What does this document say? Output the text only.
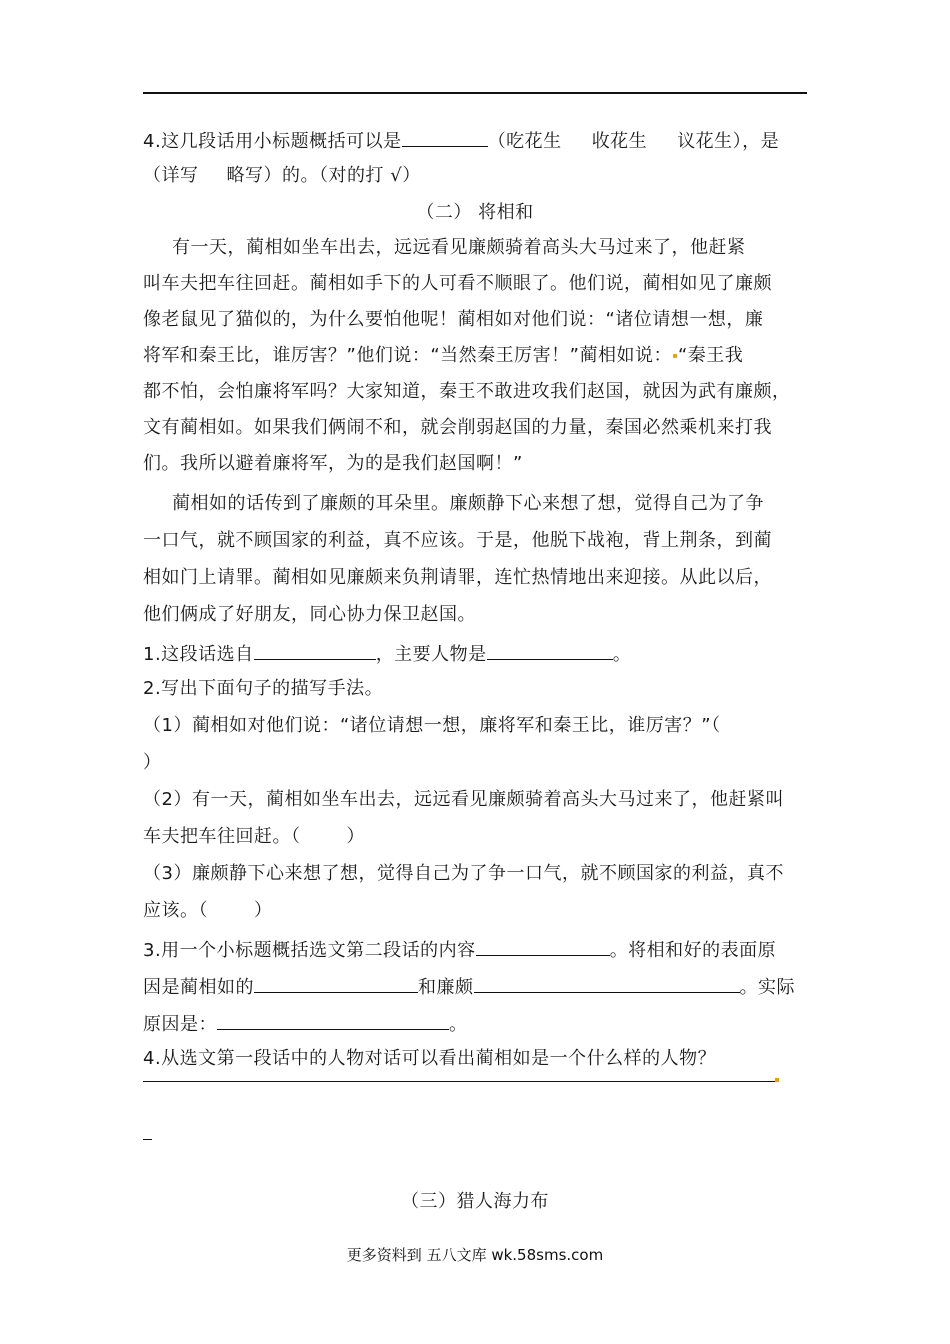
4.这几段话用小标题概括可以是	（吃花生 收花生 议花生），是
（详写 略写）的。（对的打 √）
（二） 将相和
有一天，蔺相如坐车出去，远远看见廉颇骑着高头大马过来了，他赶紧
叫车夫把车往回赶。蔺相如手下的人可看不顺眼了。他们说，蔺相如见了廉颇
像老鼠见了猫似的，为什么要怕他呢！蔺相如对他们说：“诸位请想一想，廉
将军和秦王比，谁厉害？”他们说：“当然秦王厉害！”蔺相如说： “秦王我
都不怕，会怕廉将军吗？大家知道，秦王不敢进攻我们赵国，就因为武有廉颇，
文有蔺相如。如果我们俩闹不和，就会削弱赵国的力量，秦国必然乘机来打我
们。我所以避着廉将军，为的是我们赵国啊！”
蔺相如的话传到了廉颇的耳朵里。廉颇静下心来想了想，觉得自己为了争
一口气，就不顾国家的利益，真不应该。于是，他脱下战袍，背上荆条，到蔺
相如门上请罪。蔺相如见廉颇来负荆请罪，连忙热情地出来迎接。从此以后，
他们俩成了好朋友，同心协力保卫赵国。
1.这段话选自	，主要人物是	。
2.写出下面句子的描写手法。
（1）蔺相如对他们说：“诸位请想一想，廉将军和秦王比，谁厉害？”（
）
（2）有一天，蔺相如坐车出去，远远看见廉颇骑着高头大马过来了，他赶紧叫
车夫把车往回赶。（	）
（3）廉颇静下心来想了想，觉得自己为了争一口气，就不顾国家的利益，真不
应该。（	）
3.用一个小标题概括选文第二段话的内容	。将相和好的表面原
因是蔺相如的	和廉颇	。实际
原因是：	。
4.从选文第一段话中的人物对话可以看出蔺相如是一个什么样的人物？
（三）猎人海力布
更多资料到 五八文库 wk.58sms.com
